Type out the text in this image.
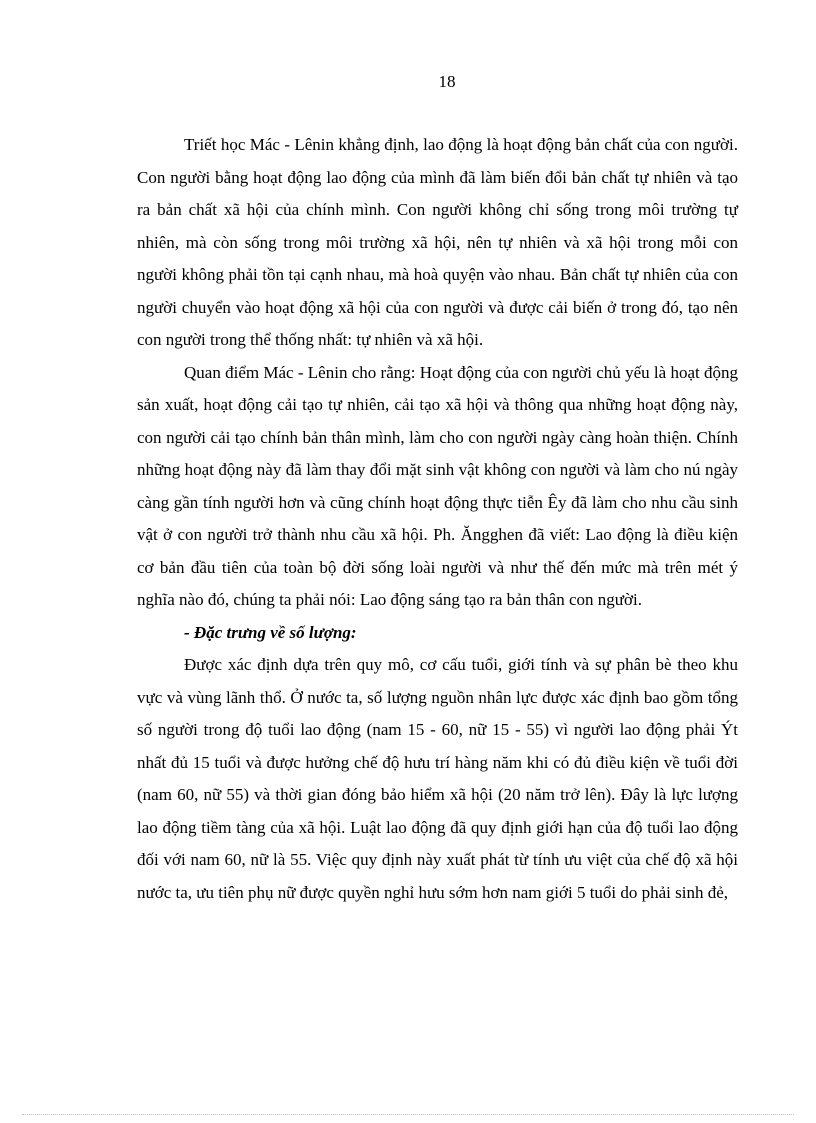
18

Triết học Mác - Lênin khẳng định, lao động là hoạt động bản chất của con người. Con người bằng hoạt động lao động của mình đã làm biến đổi bản chất tự nhiên và tạo ra bản chất xã hội của chính mình. Con người không chỉ sống trong môi trường tự nhiên, mà còn sống trong môi trường xã hội, nên tự nhiên và xã hội trong mỗi con người không phải tồn tại cạnh nhau, mà hoà quyện vào nhau. Bản chất tự nhiên của con người chuyển vào hoạt động xã hội của con người và được cải biến ở trong đó, tạo nên con người trong thể thống nhất: tự nhiên và xã hội.

Quan điểm Mác - Lênin cho rằng: Hoạt động của con người chủ yếu là hoạt động sản xuất, hoạt động cải tạo tự nhiên, cải tạo xã hội và thông qua những hoạt động này, con người cải tạo chính bản thân mình, làm cho con người ngày càng hoàn thiện. Chính những hoạt động này đã làm thay đổi mặt sinh vật không con người và làm cho nú ngày càng gần tính người hơn và cũng chính hoạt động thực tiễn Êy đã làm cho nhu cầu sinh vật ở con người trở thành nhu cầu xã hội. Ph. Ăngghen đã viết: Lao động là điều kiện cơ bản đầu tiên của toàn bộ đời sống loài người và như thế đến mức mà trên mét ý nghĩa nào đó, chúng ta phải nói: Lao động sáng tạo ra bản thân con người.

- Đặc trưng về số lượng:

Được xác định dựa trên quy mô, cơ cấu tuổi, giới tính và sự phân bè theo khu vực và vùng lãnh thổ. Ở nước ta, số lượng nguồn nhân lực được xác định bao gồm tổng số người trong độ tuổi lao động (nam 15 - 60, nữ 15 - 55) vì người lao động phải Ýt nhất đủ 15 tuổi và được hưởng chế độ hưu trí hàng năm khi có đủ điều kiện về tuổi đời (nam 60, nữ 55) và thời gian đóng bảo hiểm xã hội (20 năm trở lên). Đây là lực lượng lao động tiềm tàng của xã hội. Luật lao động đã quy định giới hạn của độ tuổi lao động đối với nam 60, nữ là 55. Việc quy định này xuất phát từ tính ưu việt của chế độ xã hội nước ta, ưu tiên phụ nữ được quyền nghỉ hưu sớm hơn nam giới 5 tuổi do phải sinh đẻ,
